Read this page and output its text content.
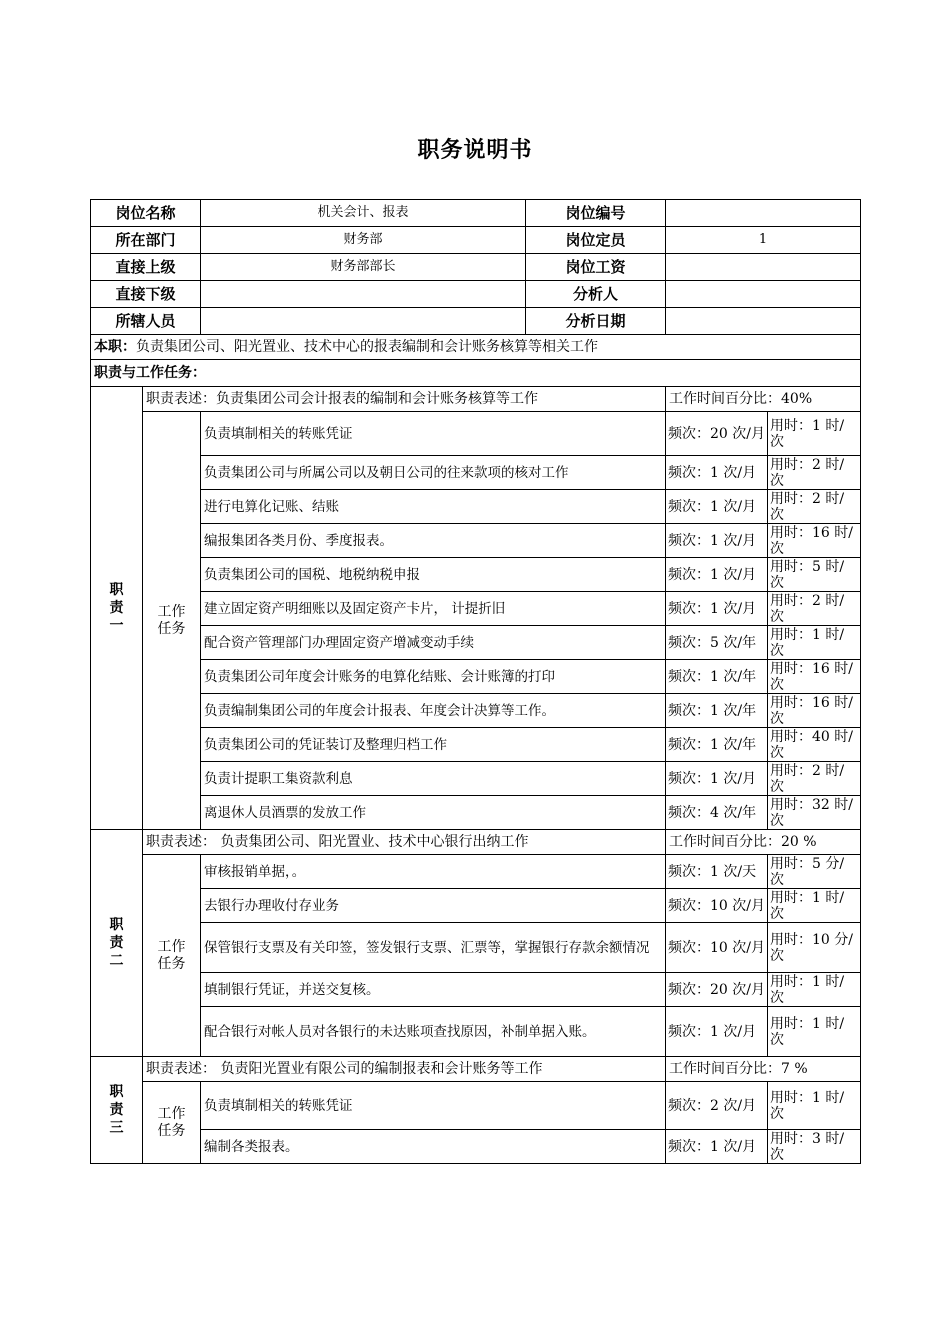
职务说明书
岗位名称		机关会计、报表	岗位编号		
所在部门		财务部	岗位定员	1	
直接上级		财务部部长	岗位工资		
直接下级			分析人		
所辖人员			分析日期		
本职：负责集团公司、阳光置业、技术中心的报表编制和会计账务核算等相关工作					
职责与工作任务：					
职
责
一	职责表述：负责集团公司会计报表的编制和会计账务核算等工作			工作时间百分比：40%	
	工作
任务	负责填制相关的转账凭证		频次：20 次/月	用时：1 时/次
		负责集团公司与所属公司以及朝日公司的往来款项的核对工作		频次：1 次/月	用时：2 时/次
		进行电算化记账、结账		频次：1 次/月	用时：2 时/次
		编报集团各类月份、季度报表。		频次：1 次/月	用时：16 时/次
		负责集团公司的国税、地税纳税申报		频次：1 次/月	用时：5 时/次
		建立固定资产明细账以及固定资产卡片， 计提折旧		频次：1 次/月	用时：2 时/次
		配合资产管理部门办理固定资产增减变动手续		频次：5 次/年	用时：1 时/次
		负责集团公司年度会计账务的电算化结账、会计账簿的打印		频次：1 次/年	用时：16 时/次
		负责编制集团公司的年度会计报表、年度会计决算等工作。		频次：1 次/年	用时：16 时/次
		负责集团公司的凭证装订及整理归档工作		频次：1 次/年	用时：40 时/次
		负责计提职工集资款利息		频次：1 次/月	用时：2 时/次
		离退休人员酒票的发放工作		频次：4 次/年	用时：32 时/次
职
责
二	职责表述： 负责集团公司、阳光置业、技术中心银行出纳工作			工作时间百分比：20 %	
	工作
任务	审核报销单据，。		频次：1 次/天	用时：5 分/次
		去银行办理收付存业务		频次：10 次/月	用时：1 时/次
		保管银行支票及有关印签，签发银行支票、汇票等，掌握银行存款余额情况		频次：10 次/月	用时：10 分/次
		填制银行凭证，并送交复核。		频次：20 次/月	用时：1 时/次
		配合银行对帐人员对各银行的未达账项查找原因，补制单据入账。		频次：1 次/月	用时：1 时/次
职
责
三	职责表述： 负责阳光置业有限公司的编制报表和会计账务等工作			工作时间百分比：7 %	
	工作
任务	负责填制相关的转账凭证		频次：2 次/月	用时：1 时/次
		编制各类报表。		频次：1 次/月	用时：3 时/次
